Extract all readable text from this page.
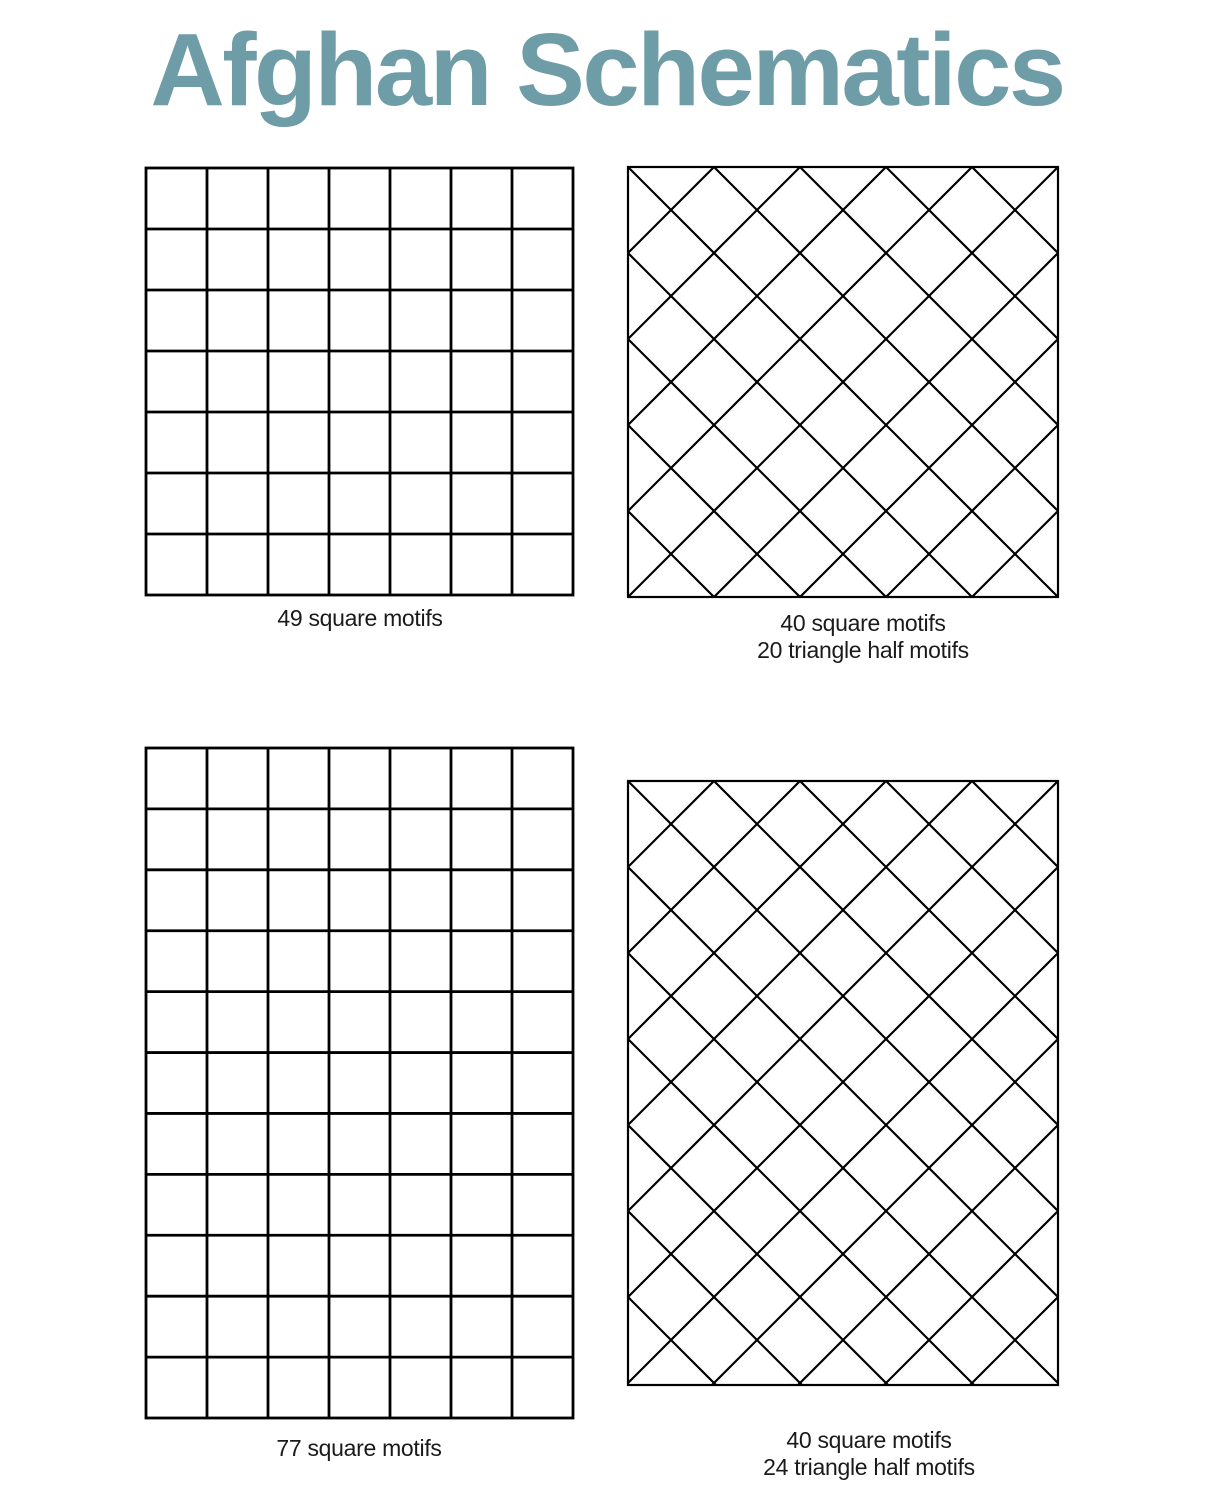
Afghan Schematics
49 square motifs	40 square motifs
20 triangle half motifs
77 square motifs	40 square motifs
24 triangle half motifs
